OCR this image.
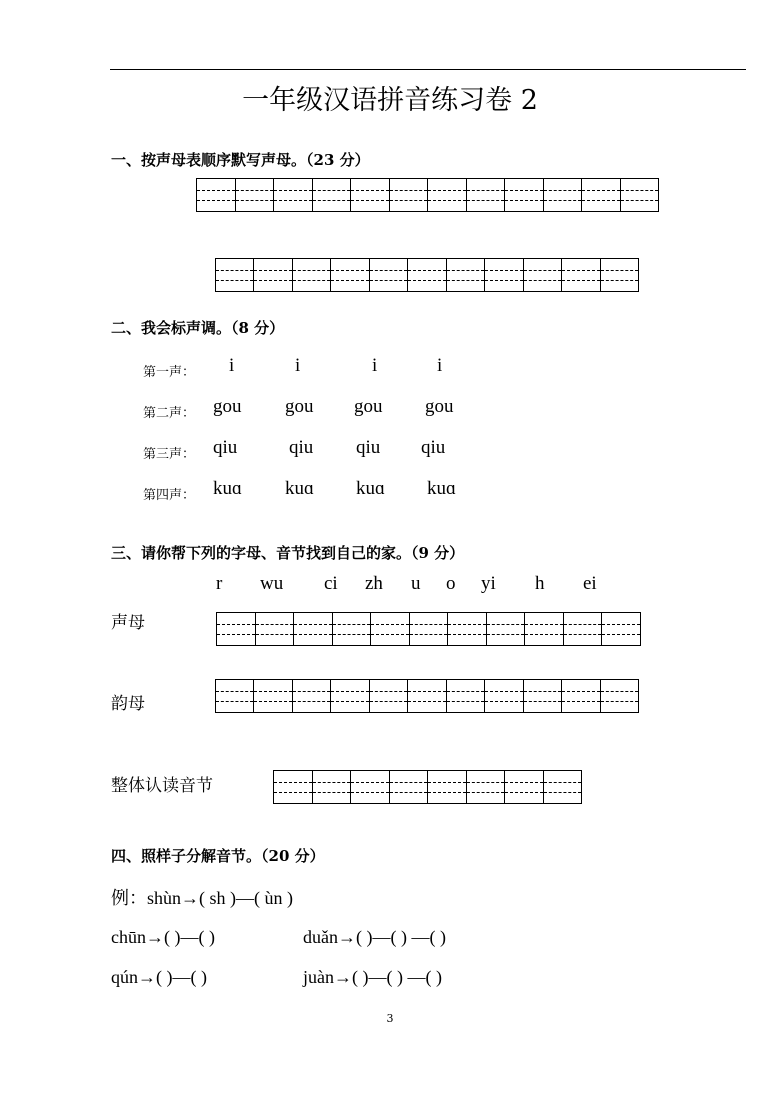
一年级汉语拼音练习卷 2
一、按声母表顺序默写声母。（23 分）
二、我会标声调。（8 分）
第一声： i	i	i	i
第二声： gou gou gou gou
第三声： qiu	qiu qiu qiu
第四声： kuɑ kuɑ kuɑ kuɑ
三、请你帮下列的字母、音节找到自己的家。（9 分）
r wu ci zh u o yi h ei
声母
韵母
整体认读音节
四、照样子分解音节。（20 分）
例：shùn→( sh )—( ùn )
chūn→( )—( )	duǎn→( )—( ) —( )
qún→( )—( )	juàn→( )—( ) —( )
3
